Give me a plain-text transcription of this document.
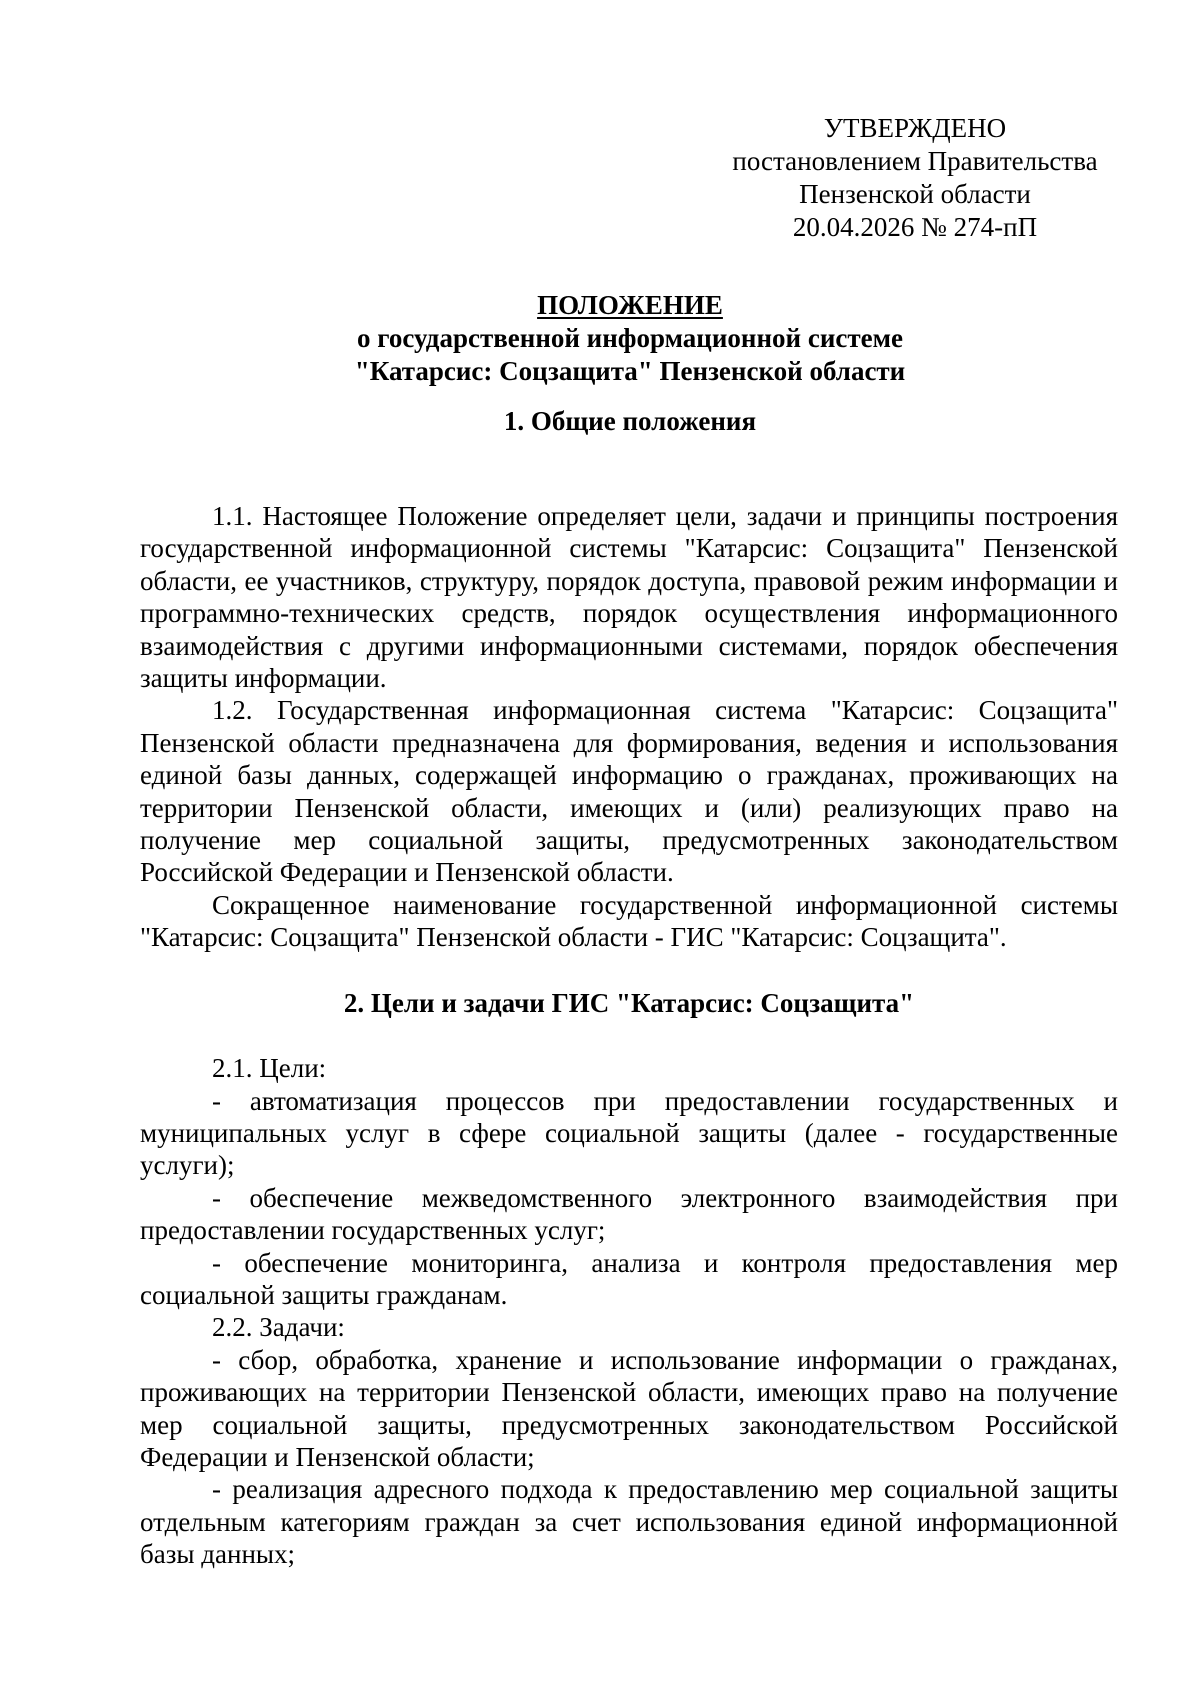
УТВЕРЖДЕНО
постановлением Правительства
Пензенской области
20.04.2026 № 274-пП
ПОЛОЖЕНИЕ
о государственной информационной системе
"Катарсис: Соцзащита" Пензенской области
1. Общие положения

1.1. Настоящее Положение определяет цели, задачи и принципы построения государственной информационной системы "Катарсис: Соцзащита" Пензенской области, ее участников, структуру, порядок доступа, правовой режим информации и программно-технических средств, порядок осуществления информационного взаимодействия с другими информационными системами, порядок обеспечения защиты информации.

1.2. Государственная информационная система "Катарсис: Соцзащита" Пензенской области предназначена для формирования, ведения и использования единой базы данных, содержащей информацию о гражданах, проживающих на территории Пензенской области, имеющих и (или) реализующих право на получение мер социальной защиты, предусмотренных законодательством Российской Федерации и Пензенской области.

Сокращенное наименование государственной информационной системы "Катарсис: Соцзащита" Пензенской области - ГИС "Катарсис: Соцзащита".

2. Цели и задачи ГИС "Катарсис: Соцзащита"

2.1. Цели:

- автоматизация процессов при предоставлении государственных и муниципальных услуг в сфере социальной защиты (далее - государственные услуги);

- обеспечение межведомственного электронного взаимодействия при предоставлении государственных услуг;

- обеспечение мониторинга, анализа и контроля предоставления мер социальной защиты гражданам.

2.2. Задачи:

- сбор, обработка, хранение и использование информации о гражданах, проживающих на территории Пензенской области, имеющих право на получение мер социальной защиты, предусмотренных законодательством Российской Федерации и Пензенской области;

- реализация адресного подхода к предоставлению мер социальной защиты отдельным категориям граждан за счет использования единой информационной базы данных;
